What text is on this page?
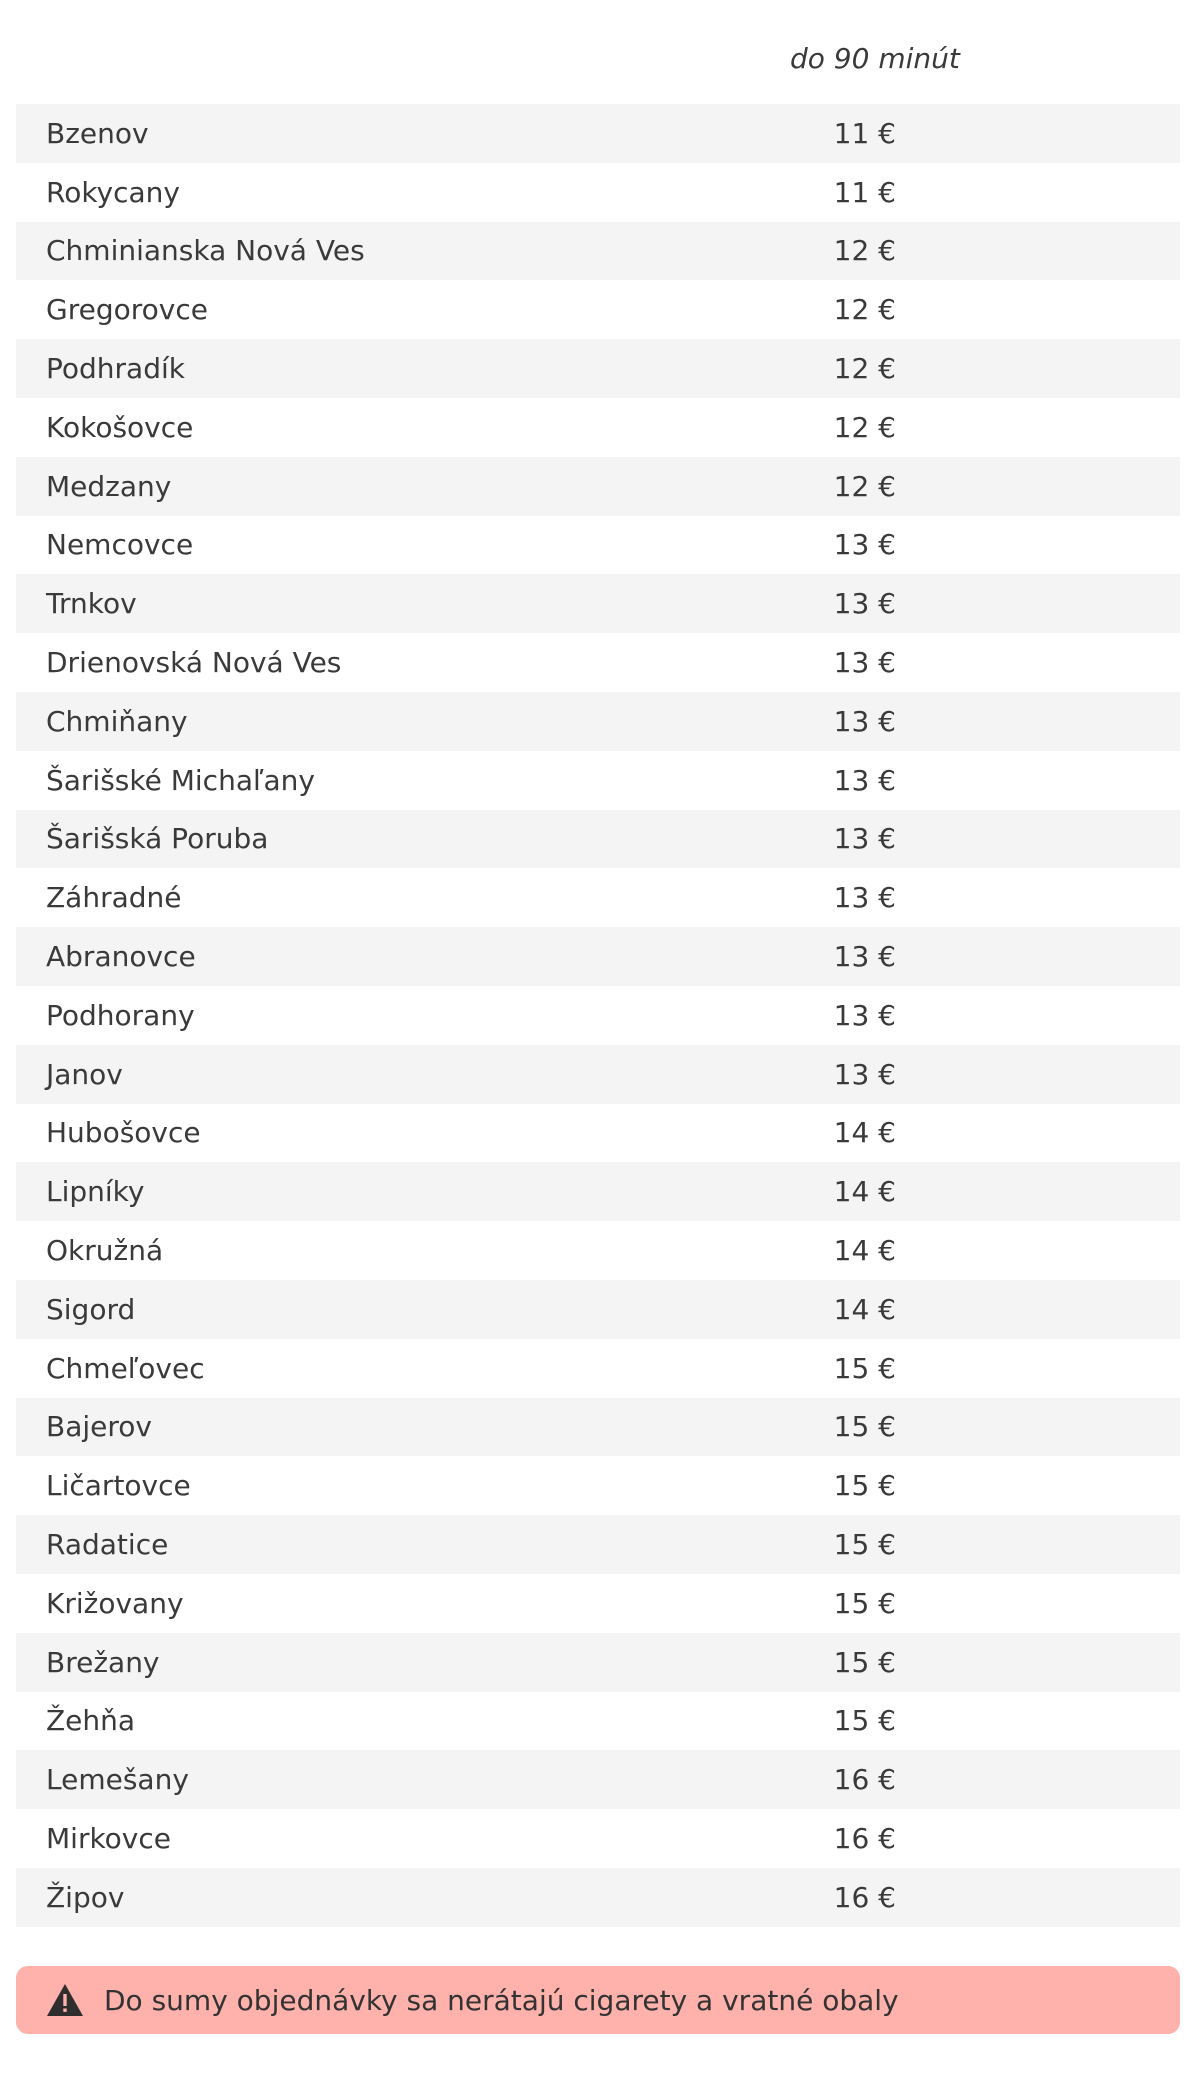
do 90 minút
Bzenov	11 €
Rokycany	11 €
Chminianska Nová Ves	12 €
Gregorovce	12 €
Podhradík	12 €
Kokošovce	12 €
Medzany	12 €
Nemcovce	13 €
Trnkov	13 €
Drienovská Nová Ves	13 €
Chmiňany	13 €
Šarišské Michaľany	13 €
Šarišská Poruba	13 €
Záhradné	13 €
Abranovce	13 €
Podhorany	13 €
Janov	13 €
Hubošovce	14 €
Lipníky	14 €
Okružná	14 €
Sigord	14 €
Chmeľovec	15 €
Bajerov	15 €
Ličartovce	15 €
Radatice	15 €
Križovany	15 €
Brežany	15 €
Žehňa	15 €
Lemešany	16 €
Mirkovce	16 €
Žipov	16 €
Do sumy objednávky sa nerátajú cigarety a vratné obaly
